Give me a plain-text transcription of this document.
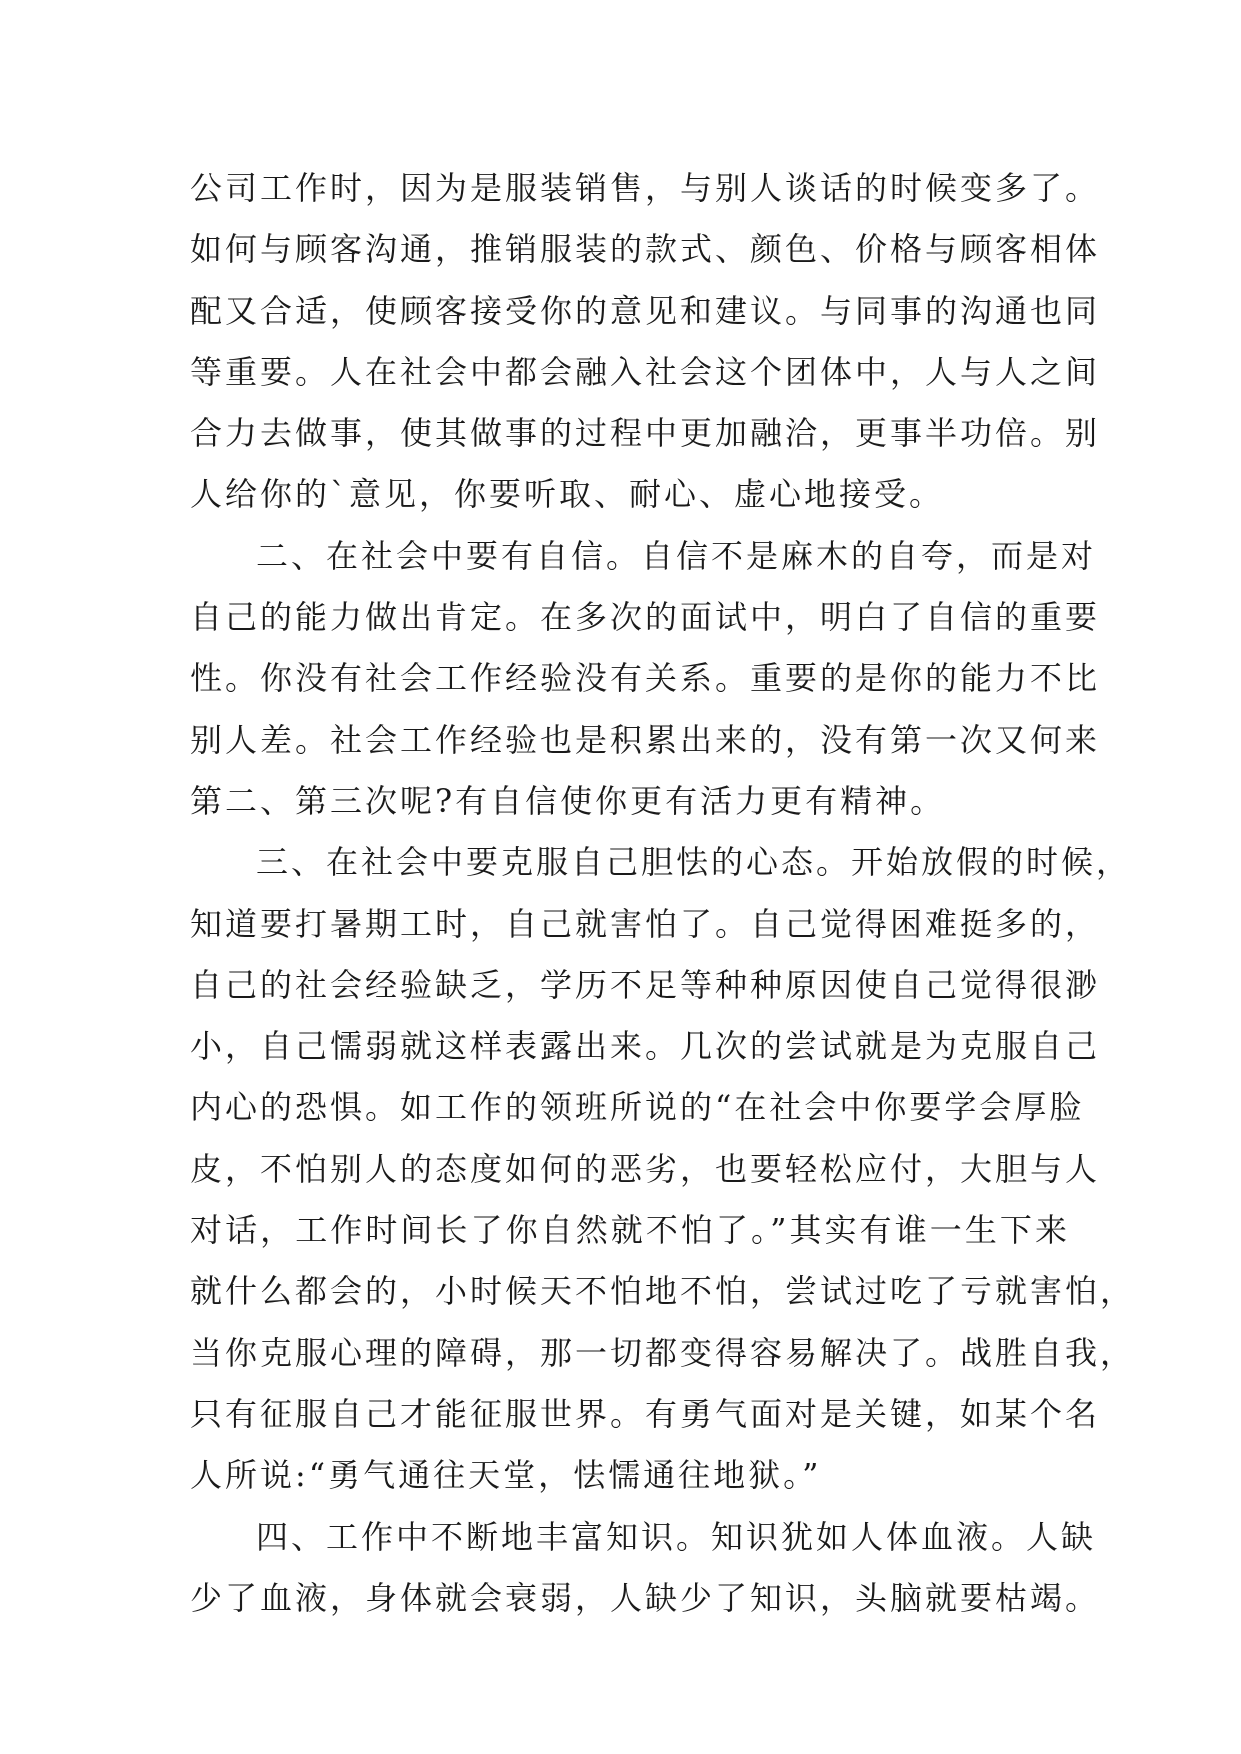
公司工作时，因为是服装销售，与别人谈话的时候变多了。
如何与顾客沟通，推销服装的款式、颜色、价格与顾客相体
配又合适，使顾客接受你的意见和建议。与同事的沟通也同
等重要。人在社会中都会融入社会这个团体中，人与人之间
合力去做事，使其做事的过程中更加融洽，更事半功倍。别
人给你的`意见，你要听取、耐心、虚心地接受。
二、在社会中要有自信。自信不是麻木的自夸，而是对
自己的能力做出肯定。在多次的面试中，明白了自信的重要
性。你没有社会工作经验没有关系。重要的是你的能力不比
别人差。社会工作经验也是积累出来的，没有第一次又何来
第二、第三次呢?有自信使你更有活力更有精神。
三、在社会中要克服自己胆怯的心态。开始放假的时候，
知道要打暑期工时，自己就害怕了。自己觉得困难挺多的，
自己的社会经验缺乏，学历不足等种种原因使自己觉得很渺
小，自己懦弱就这样表露出来。几次的尝试就是为克服自己
内心的恐惧。如工作的领班所说的“在社会中你要学会厚脸
皮，不怕别人的态度如何的恶劣，也要轻松应付，大胆与人
对话，工作时间长了你自然就不怕了。”其实有谁一生下来
就什么都会的，小时候天不怕地不怕，尝试过吃了亏就害怕，
当你克服心理的障碍，那一切都变得容易解决了。战胜自我，
只有征服自己才能征服世界。有勇气面对是关键，如某个名
人所说:“勇气通往天堂，怯懦通往地狱。”
四、工作中不断地丰富知识。知识犹如人体血液。人缺
少了血液，身体就会衰弱，人缺少了知识，头脑就要枯竭。
